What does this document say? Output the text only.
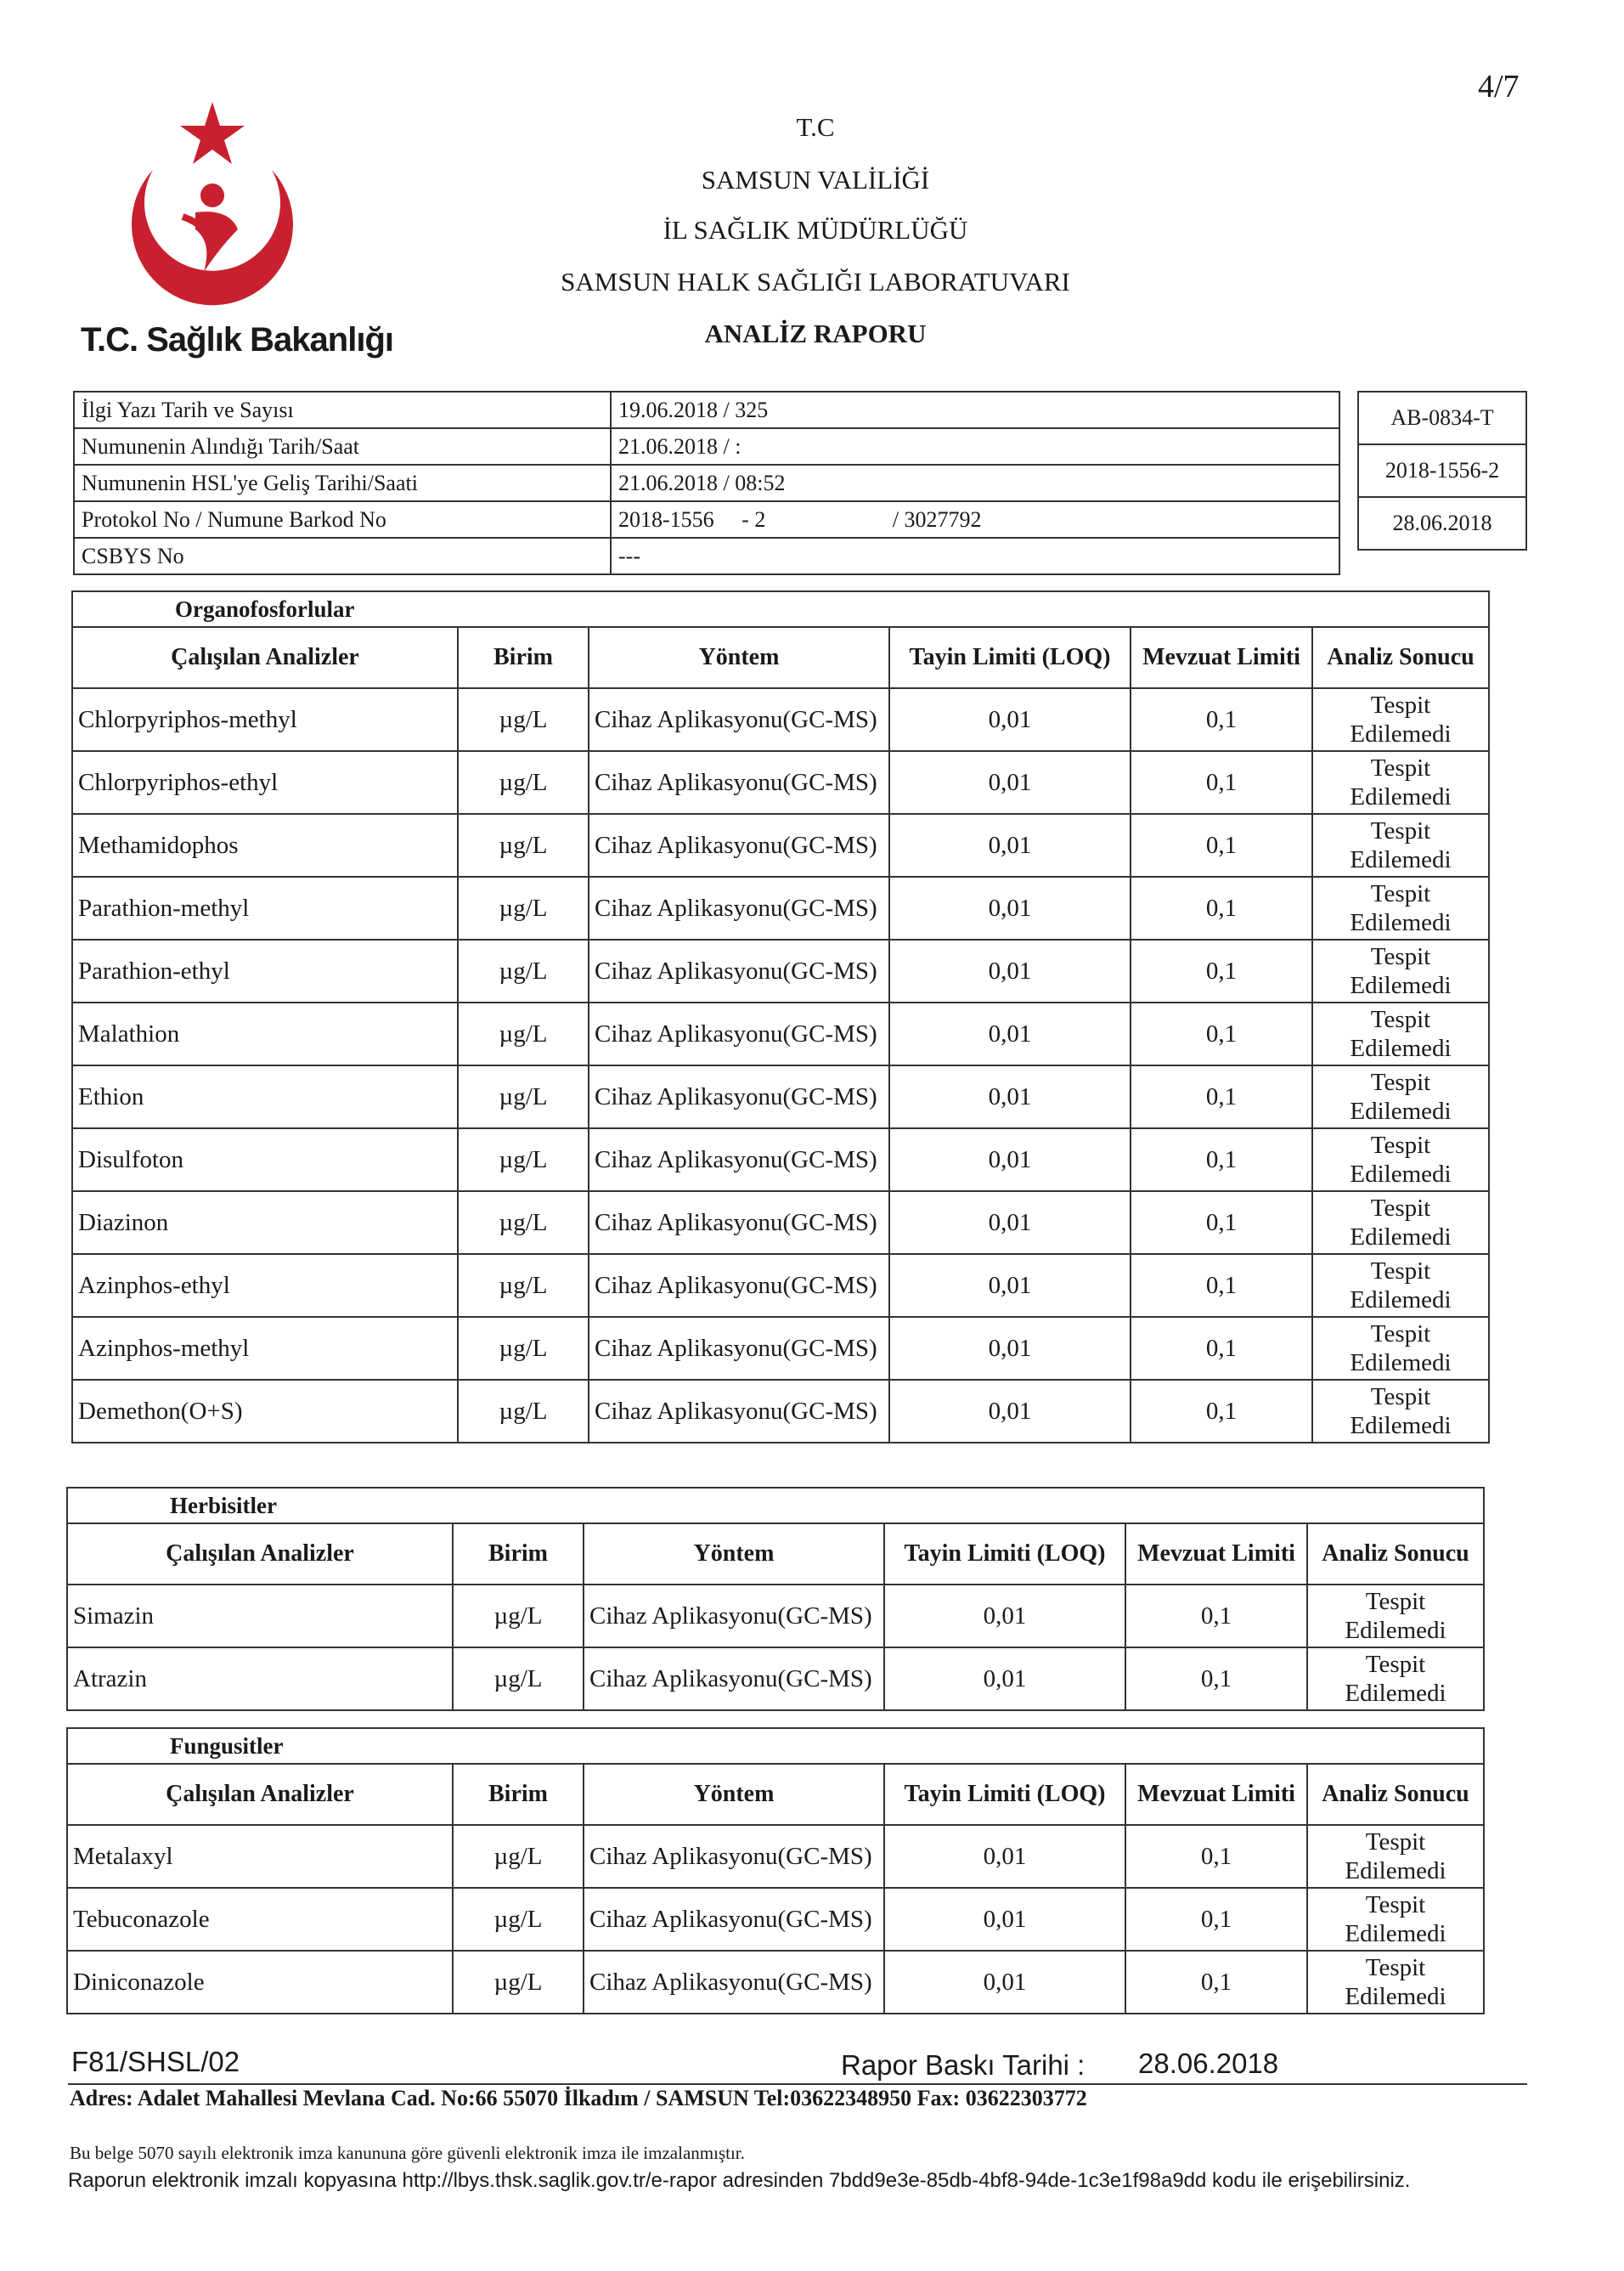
4/7
T.C. Sağlık Bakanlığı
T.C
SAMSUN VALİLİĞİ
İL SAĞLIK MÜDÜRLÜĞÜ
SAMSUN HALK SAĞLIĞI LABORATUVARI
ANALİZ RAPORU
İlgi Yazı Tarih ve Sayısı	19.06.2018 / 325
Numunenin Alındığı Tarih/Saat	21.06.2018 / :
Numunenin HSL'ye Geliş Tarihi/Saati	21.06.2018 / 08:52
Protokol No / Numune Barkod No	2018-1556     - 2                       / 3027792
CSBYS No	---
AB-0834-T
2018-1556-2
28.06.2018
Organofosforlular					
Çalışılan Analizler	Birim	Yöntem	Tayin Limiti (LOQ)	Mevzuat Limiti	Analiz Sonucu
Chlorpyriphos-methyl	µg/L	Cihaz Aplikasyonu(GC-MS)	0,01	0,1	Tespit
Edilemedi

Chlorpyriphos-ethyl	µg/L	Cihaz Aplikasyonu(GC-MS)	0,01	0,1	Tespit
Edilemedi

Methamidophos	µg/L	Cihaz Aplikasyonu(GC-MS)	0,01	0,1	Tespit
Edilemedi

Parathion-methyl	µg/L	Cihaz Aplikasyonu(GC-MS)	0,01	0,1	Tespit
Edilemedi

Parathion-ethyl	µg/L	Cihaz Aplikasyonu(GC-MS)	0,01	0,1	Tespit
Edilemedi

Malathion	µg/L	Cihaz Aplikasyonu(GC-MS)	0,01	0,1	Tespit
Edilemedi

Ethion	µg/L	Cihaz Aplikasyonu(GC-MS)	0,01	0,1	Tespit
Edilemedi

Disulfoton	µg/L	Cihaz Aplikasyonu(GC-MS)	0,01	0,1	Tespit
Edilemedi

Diazinon	µg/L	Cihaz Aplikasyonu(GC-MS)	0,01	0,1	Tespit
Edilemedi

Azinphos-ethyl	µg/L	Cihaz Aplikasyonu(GC-MS)	0,01	0,1	Tespit
Edilemedi

Azinphos-methyl	µg/L	Cihaz Aplikasyonu(GC-MS)	0,01	0,1	Tespit
Edilemedi

Demethon(O+S)	µg/L	Cihaz Aplikasyonu(GC-MS)	0,01	0,1	Tespit
Edilemedi
Herbisitler					
Çalışılan Analizler	Birim	Yöntem	Tayin Limiti (LOQ)	Mevzuat Limiti	Analiz Sonucu
Simazin	µg/L	Cihaz Aplikasyonu(GC-MS)	0,01	0,1	Tespit
Edilemedi

Atrazin	µg/L	Cihaz Aplikasyonu(GC-MS)	0,01	0,1	Tespit
Edilemedi
Fungusitler					
Çalışılan Analizler	Birim	Yöntem	Tayin Limiti (LOQ)	Mevzuat Limiti	Analiz Sonucu
Metalaxyl	µg/L	Cihaz Aplikasyonu(GC-MS)	0,01	0,1	Tespit
Edilemedi

Tebuconazole	µg/L	Cihaz Aplikasyonu(GC-MS)	0,01	0,1	Tespit
Edilemedi

Diniconazole	µg/L	Cihaz Aplikasyonu(GC-MS)	0,01	0,1	Tespit
Edilemedi
F81/SHSL/02	Rapor Baskı Tarihi : 28.06.2018
Adres: Adalet Mahallesi Mevlana Cad. No:66 55070 İlkadım / SAMSUN Tel:03622348950 Fax: 03622303772
Bu belge 5070 sayılı elektronik imza kanununa göre güvenli elektronik imza ile imzalanmıştır.
Raporun elektronik imzalı kopyasına http://lbys.thsk.saglik.gov.tr/e-rapor adresinden 7bdd9e3e-85db-4bf8-94de-1c3e1f98a9dd kodu ile erişebilirsiniz.
